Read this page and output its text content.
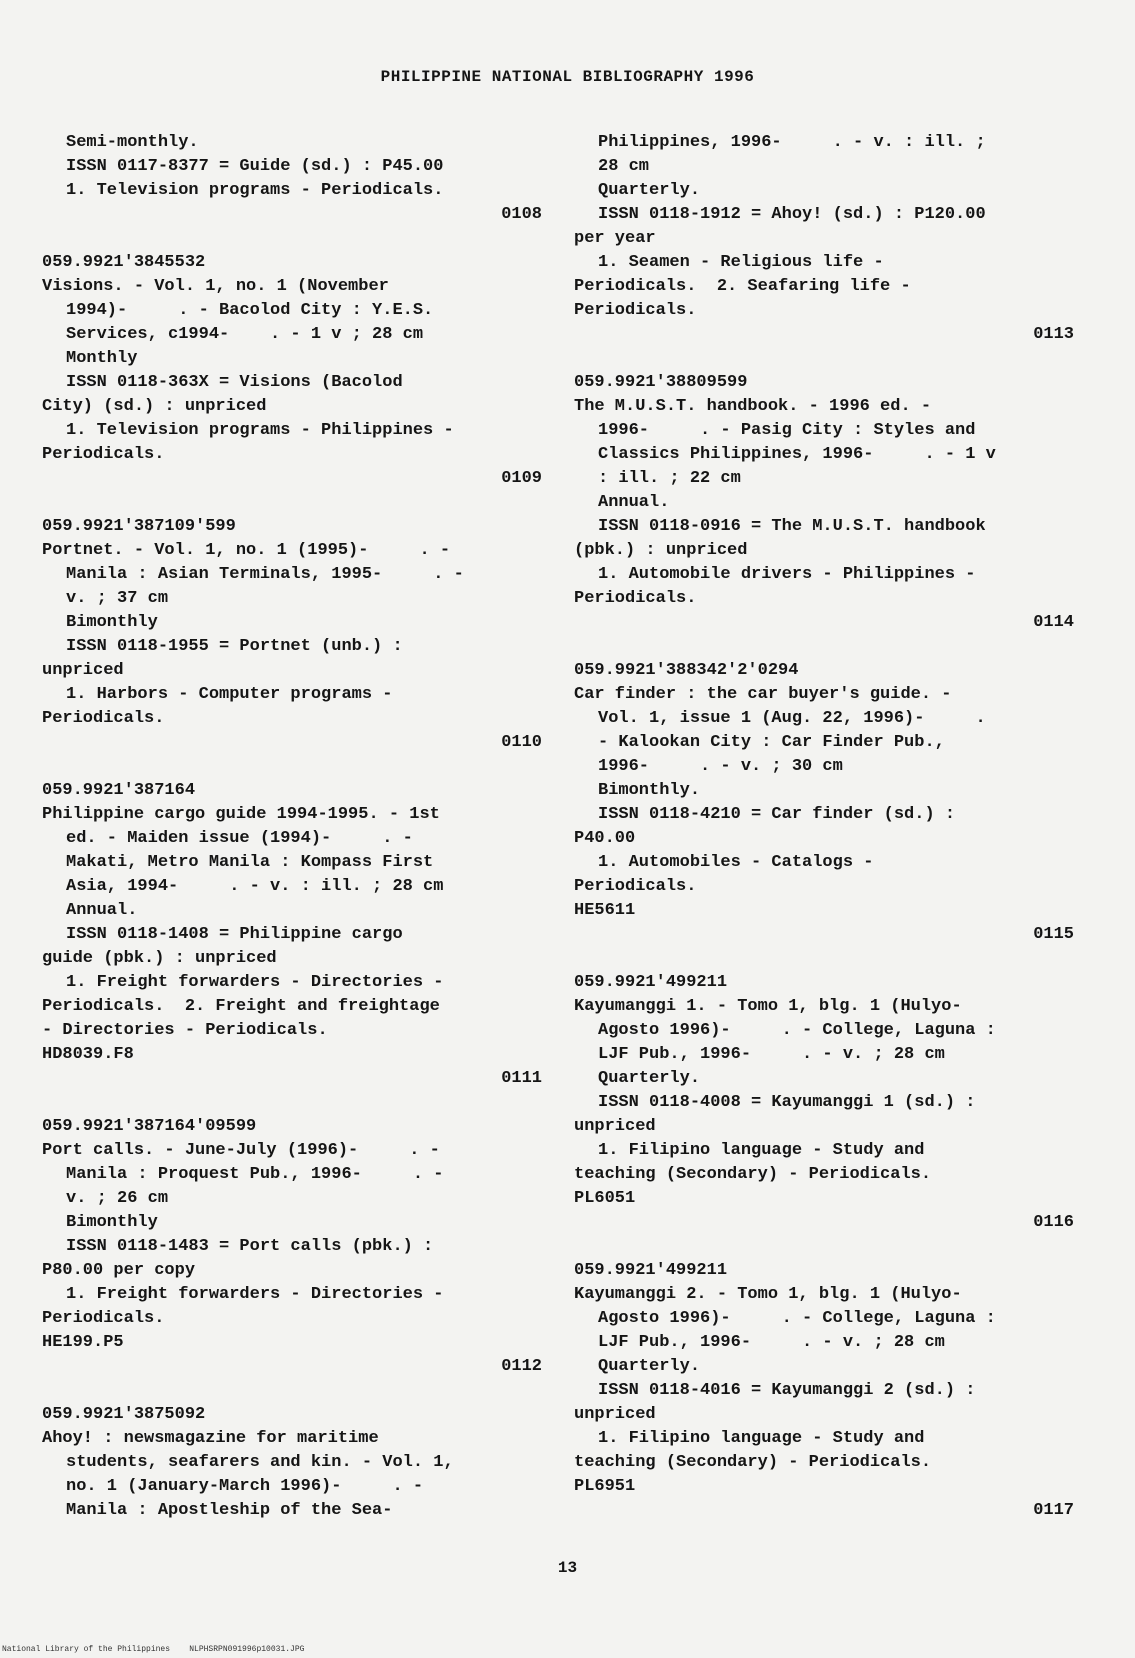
PHILIPPINE NATIONAL BIBLIOGRAPHY 1996
Semi-monthly.
ISSN 0117-8377 = Guide (sd.) : P45.00
1. Television programs - Periodicals.
0108
059.9921'3845532
Visions. - Vol. 1, no. 1 (November
1994)-     . - Bacolod City : Y.E.S.
Services, c1994-    . - 1 v ; 28 cm
Monthly
ISSN 0118-363X = Visions (Bacolod
City) (sd.) : unpriced
1. Television programs - Philippines -
Periodicals.
0109
059.9921'387109'599
Portnet. - Vol. 1, no. 1 (1995)-     . -
Manila : Asian Terminals, 1995-     . -
v. ; 37 cm
Bimonthly
ISSN 0118-1955 = Portnet (unb.) :
unpriced
1. Harbors - Computer programs -
Periodicals.
0110
059.9921'387164
Philippine cargo guide 1994-1995. - 1st
ed. - Maiden issue (1994)-     . -
Makati, Metro Manila : Kompass First
Asia, 1994-     . - v. : ill. ; 28 cm
Annual.
ISSN 0118-1408 = Philippine cargo
guide (pbk.) : unpriced
1. Freight forwarders - Directories -
Periodicals.  2. Freight and freightage
- Directories - Periodicals.
HD8039.F8
0111
059.9921'387164'09599
Port calls. - June-July (1996)-     . -
Manila : Proquest Pub., 1996-     . -
v. ; 26 cm
Bimonthly
ISSN 0118-1483 = Port calls (pbk.) :
P80.00 per copy
1. Freight forwarders - Directories -
Periodicals.
HE199.P5
0112
059.9921'3875092
Ahoy! : newsmagazine for maritime
students, seafarers and kin. - Vol. 1,
no. 1 (January-March 1996)-     . -
Manila : Apostleship of the Sea-
Philippines, 1996-     . - v. : ill. ;
28 cm
Quarterly.
ISSN 0118-1912 = Ahoy! (sd.) : P120.00
per year
1. Seamen - Religious life -
Periodicals.  2. Seafaring life -
Periodicals.
0113
059.9921'38809599
The M.U.S.T. handbook. - 1996 ed. -
1996-     . - Pasig City : Styles and
Classics Philippines, 1996-     . - 1 v
: ill. ; 22 cm
Annual.
ISSN 0118-0916 = The M.U.S.T. handbook
(pbk.) : unpriced
1. Automobile drivers - Philippines -
Periodicals.
0114
059.9921'388342'2'0294
Car finder : the car buyer's guide. -
Vol. 1, issue 1 (Aug. 22, 1996)-     .
- Kalookan City : Car Finder Pub.,
1996-     . - v. ; 30 cm
Bimonthly.
ISSN 0118-4210 = Car finder (sd.) :
P40.00
1. Automobiles - Catalogs -
Periodicals.
HE5611
0115
059.9921'499211
Kayumanggi 1. - Tomo 1, blg. 1 (Hulyo-
Agosto 1996)-     . - College, Laguna :
LJF Pub., 1996-     . - v. ; 28 cm
Quarterly.
ISSN 0118-4008 = Kayumanggi 1 (sd.) :
unpriced
1. Filipino language - Study and
teaching (Secondary) - Periodicals.
PL6051
0116
059.9921'499211
Kayumanggi 2. - Tomo 1, blg. 1 (Hulyo-
Agosto 1996)-     . - College, Laguna :
LJF Pub., 1996-     . - v. ; 28 cm
Quarterly.
ISSN 0118-4016 = Kayumanggi 2 (sd.) :
unpriced
1. Filipino language - Study and
teaching (Secondary) - Periodicals.
PL6951
0117
13
National Library of the Philippines    NLPHSRPN091996p10031.JPG
